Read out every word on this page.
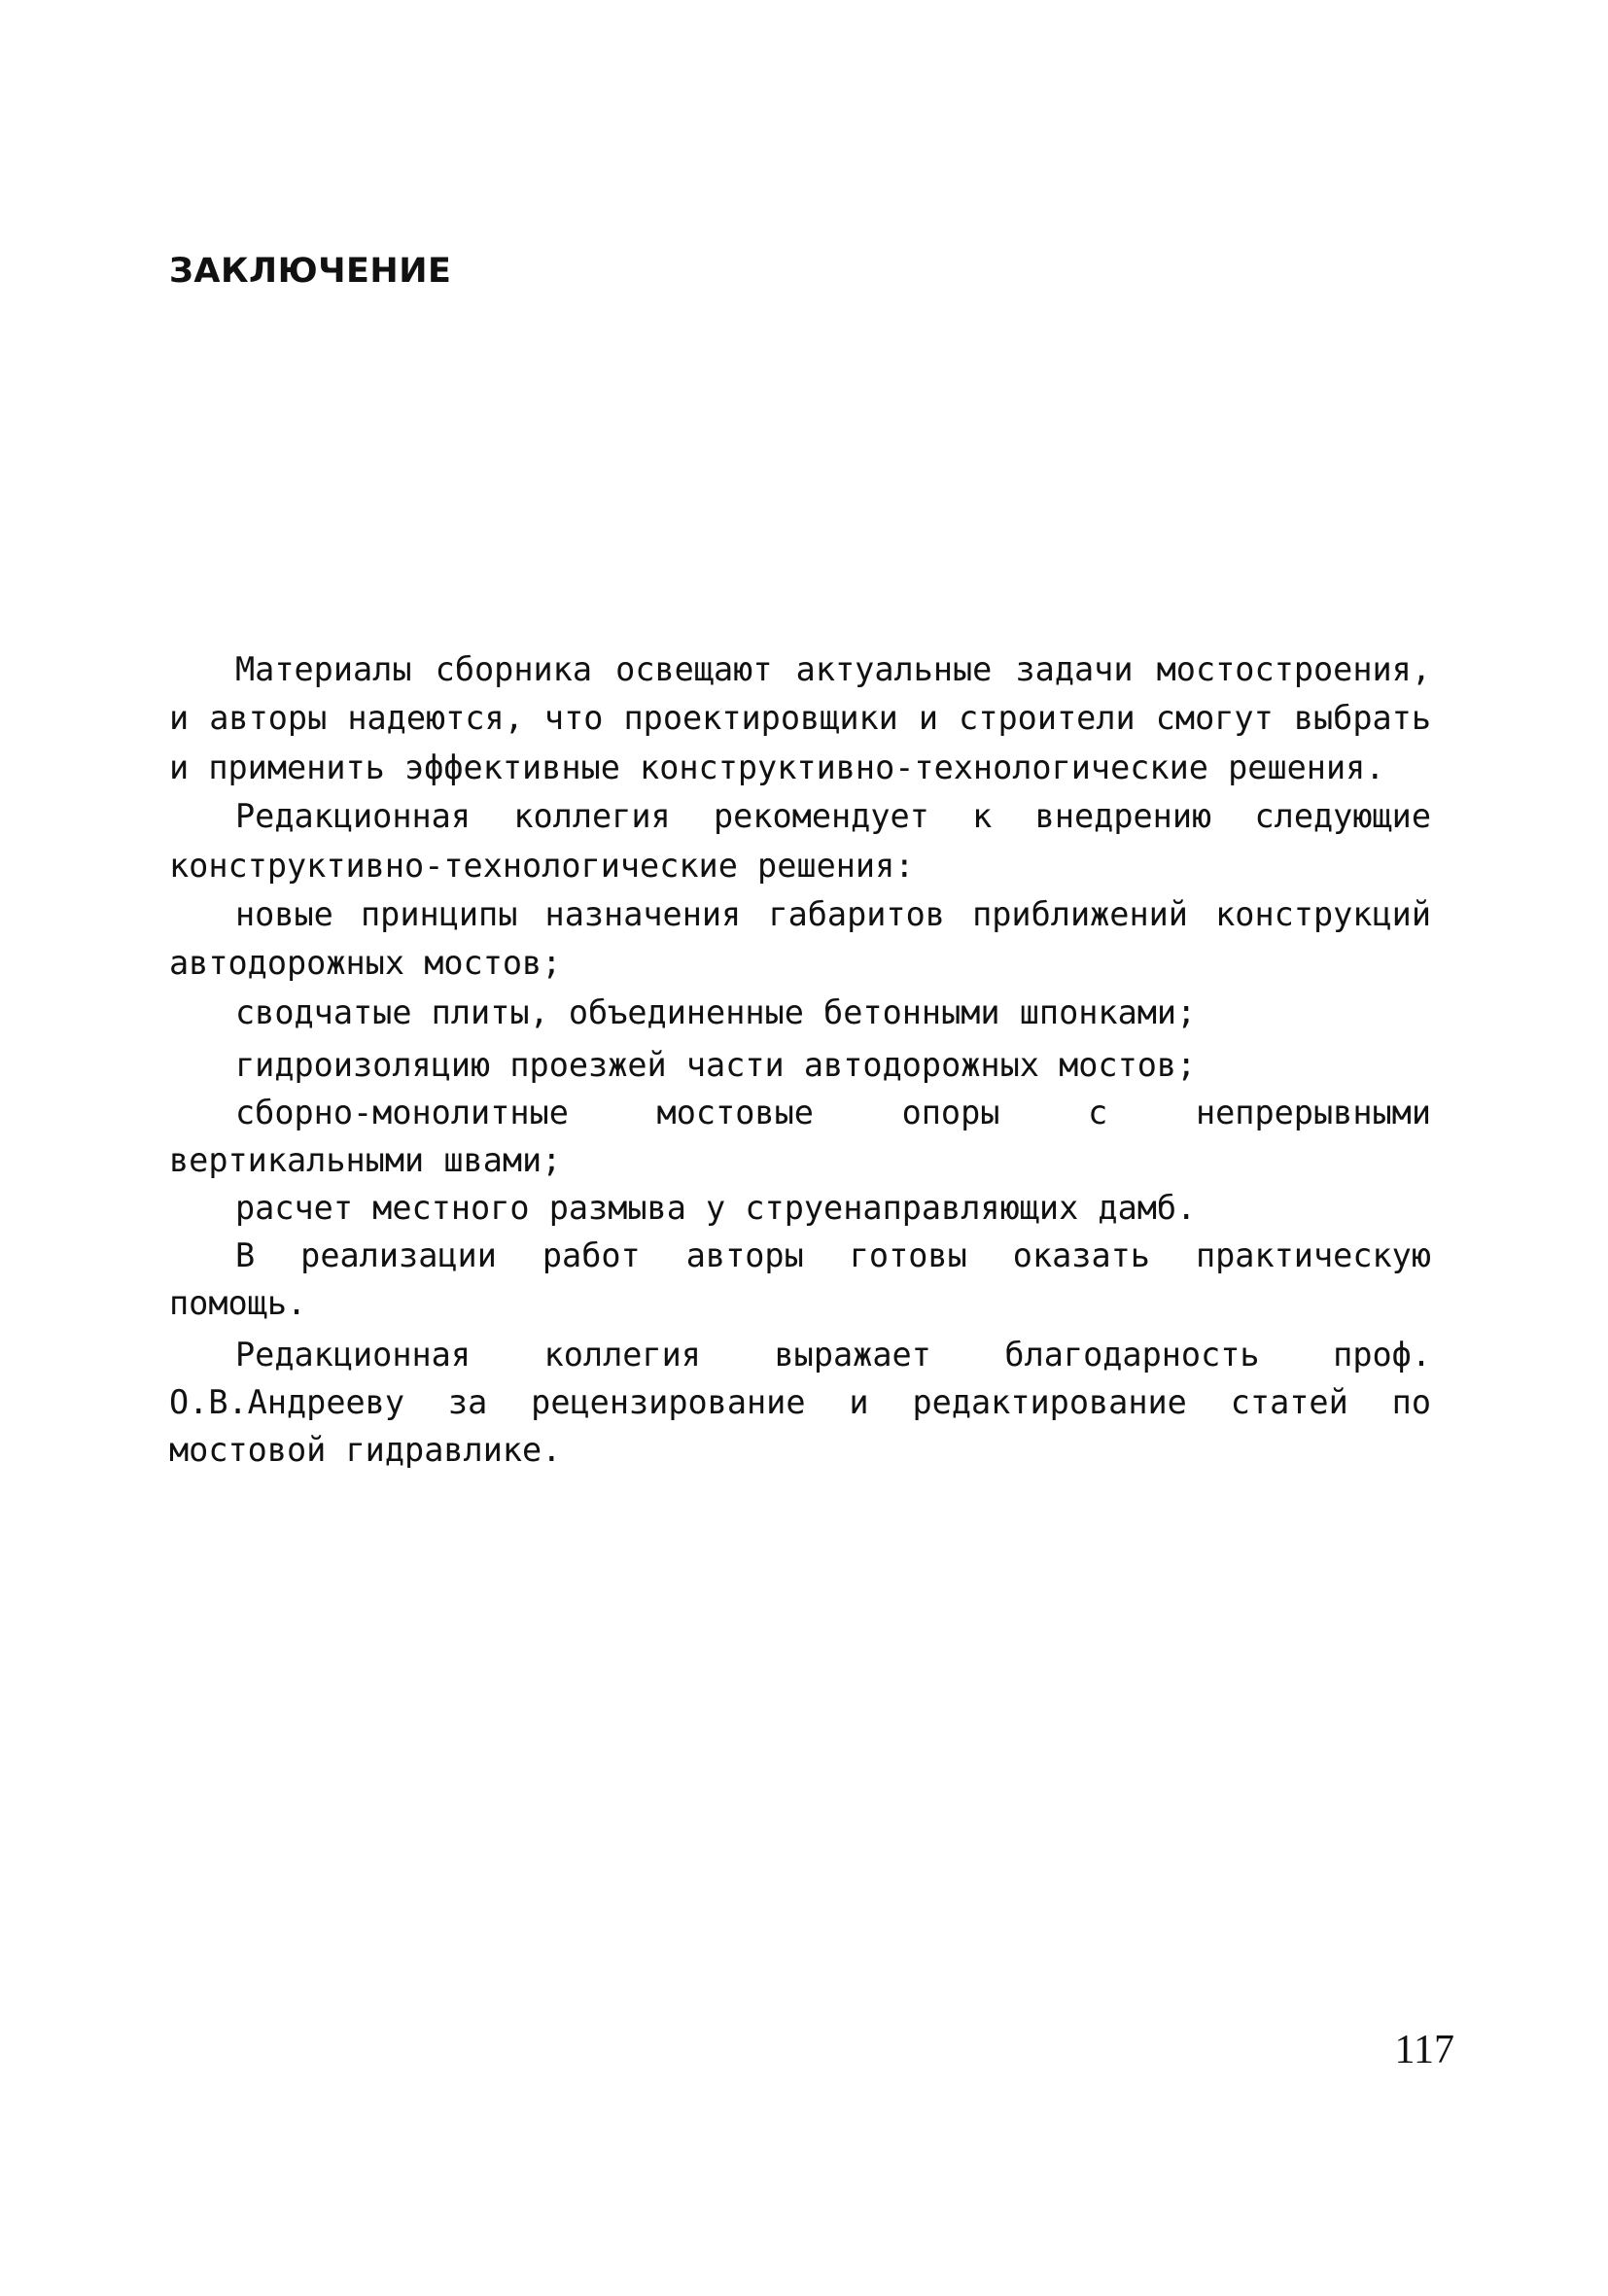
ЗАКЛЮЧЕНИЕ

Материалы сборника освещают актуальные задачи мостостроения, и авторы надеются, что проектировщики и строители смогут выбрать и применить эффективные конструктивно-технологические решения.

Редакционная коллегия рекомендует к внедрению следующие конструктивно-технологические решения:

новые принципы назначения габаритов приближений конструкций автодорожных мостов;

сводчатые плиты, объединенные бетонными шпонками;

гидроизоляцию проезжей части автодорожных мостов;

сборно-монолитные мостовые опоры с непрерывными вертикальными швами;

расчет местного размыва у струенаправляющих дамб.

В реализации работ авторы готовы оказать практическую помощь.

Редакционная коллегия выражает благодарность проф. О.В.Андрееву за рецензирование и редактирование статей по мостовой гидравлике.

117
